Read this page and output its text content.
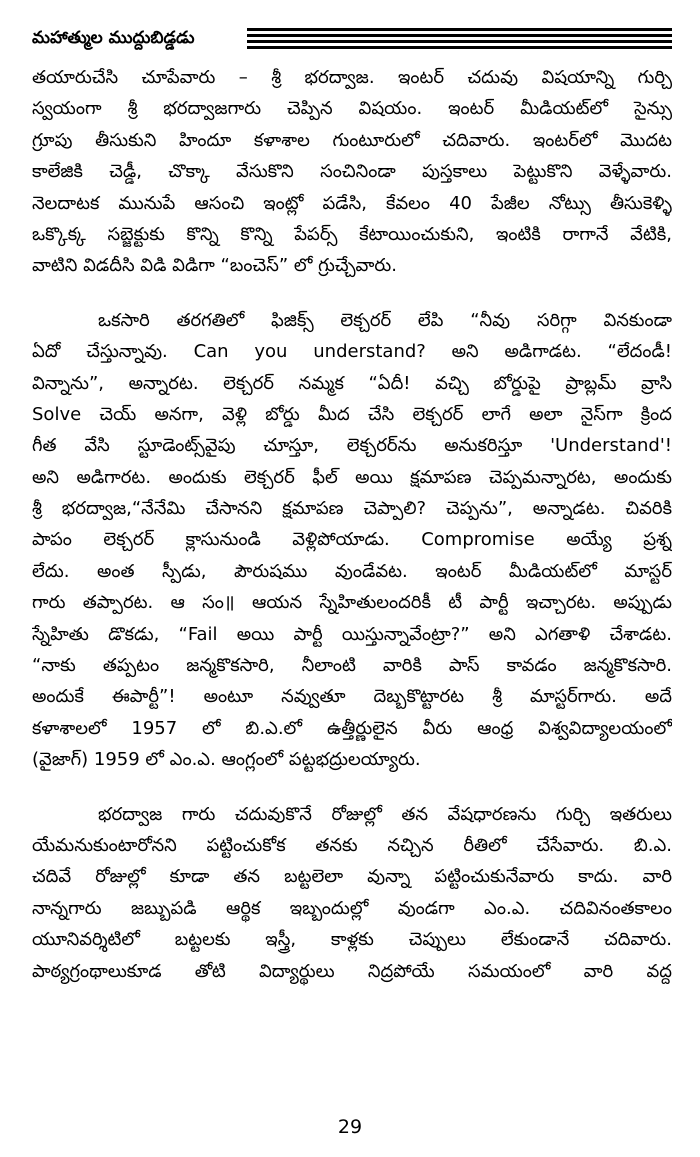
మహాత్ముల ముద్దుబిడ్డడు

తయారుచేసి చూపేవారు – శ్రీ భరద్వాజ. ఇంటర్ చదువు విషయాన్ని గుర్చి
స్వయంగా శ్రీ భరద్వాజగారు చెప్పిన విషయం. ఇంటర్ మీడియట్‌లో సైన్సు
గ్రూపు తీసుకుని హిందూ కళాశాల గుంటూరులో చదివారు. ఇంటర్‌లో మొదట
కాలేజికి చెడ్డీ, చొక్కా వేసుకొని సంచినిండా పుస్తకాలు పెట్టుకొని వెళ్ళేవారు.
నెలదాటక మునుపే ఆసంచి ఇంట్లో పడేసి, కేవలం 40 పేజీల నోట్సు తీసుకెళ్ళి
ఒక్కొక్క సబ్జెక్టుకు కొన్ని కొన్ని పేపర్స్ కేటాయించుకుని, ఇంటికి రాగానే వేటికి,
వాటిని విడదీసి విడి విడిగా “బంచెస్” లో గ్రుచ్చేవారు.

ఒకసారి తరగతిలో ఫిజిక్స్ లెక్చరర్ లేపి “నీవు సరిగ్గా వినకుండా
ఏదో చేస్తున్నావు. Can you understand? అని అడిగాడట. “లేదండీ!
విన్నాను”, అన్నారట. లెక్చరర్ నమ్మక “ఏదీ! వచ్చి బోర్డుపై ప్రాబ్లమ్ వ్రాసి
Solve చెయ్ అనగా, వెళ్లి బోర్డు మీద చేసి లెక్చరర్ లాగే అలా నైస్‌గా క్రింద
గీత వేసి స్టూడెంట్స్‌వైపు చూస్తూ, లెక్చరర్‌ను అనుకరిస్తూ 'Understand'!
అని అడిగారట. అందుకు లెక్చరర్ ఫీల్ అయి క్షమాపణ చెప్పమన్నారట, అందుకు
శ్రీ భరద్వాజ,“నేనేమి చేసానని క్షమాపణ చెప్పాలి? చెప్పను”, అన్నాడట. చివరికి
పాపం లెక్చరర్ క్లాసునుండి వెళ్లిపోయాడు. Compromise అయ్యే ప్రశ్న
లేదు. అంత స్పీడు, పౌరుషము వుండేవట. ఇంటర్ మీడియట్‌లో మాస్టర్
గారు తప్పారట. ఆ సం॥ ఆయన స్నేహితులందరికీ టీ పార్టీ ఇచ్చారట. అప్పుడు
స్నేహితు డొకడు, “Fail అయి పార్టీ యిస్తున్నావేంట్రా?” అని ఎగతాళి చేశాడట.
“నాకు తప్పటం జన్మకొకసారి, నీలాంటి వారికి పాస్ కావడం జన్మకొకసారి.
అందుకే ఈపార్టీ”! అంటూ నవ్వుతూ దెబ్బకొట్టారట శ్రీ మాస్టర్‌గారు. అదే
కళాశాలలో 1957 లో బి.ఎ.లో ఉత్తీర్ణులైన వీరు ఆంధ్ర విశ్వవిద్యాలయంలో
(వైజాగ్) 1959 లో ఎం.ఎ. ఆంగ్లంలో పట్టభద్రులయ్యారు.

భరద్వాజ గారు చదువుకొనే రోజుల్లో తన వేషధారణను గుర్చి ఇతరులు
యేమనుకుంటారోనని పట్టించుకోక తనకు నచ్చిన రీతిలో చేసేవారు. బి.ఎ.
చదివే రోజుల్లో కూడా తన బట్టలెలా వున్నా పట్టించుకునేవారు కాదు. వారి
నాన్నగారు జబ్బుపడి ఆర్థిక ఇబ్బందుల్లో వుండగా ఎం.ఎ. చదివినంతకాలం
యూనివర్శిటిలో బట్టలకు ఇస్త్రీ, కాళ్లకు చెప్పులు లేకుండానే చదివారు.
పాఠ్యగ్రంథాలుకూడ తోటి విద్యార్థులు నిద్రపోయే సమయంలో వారి వద్ద

29
